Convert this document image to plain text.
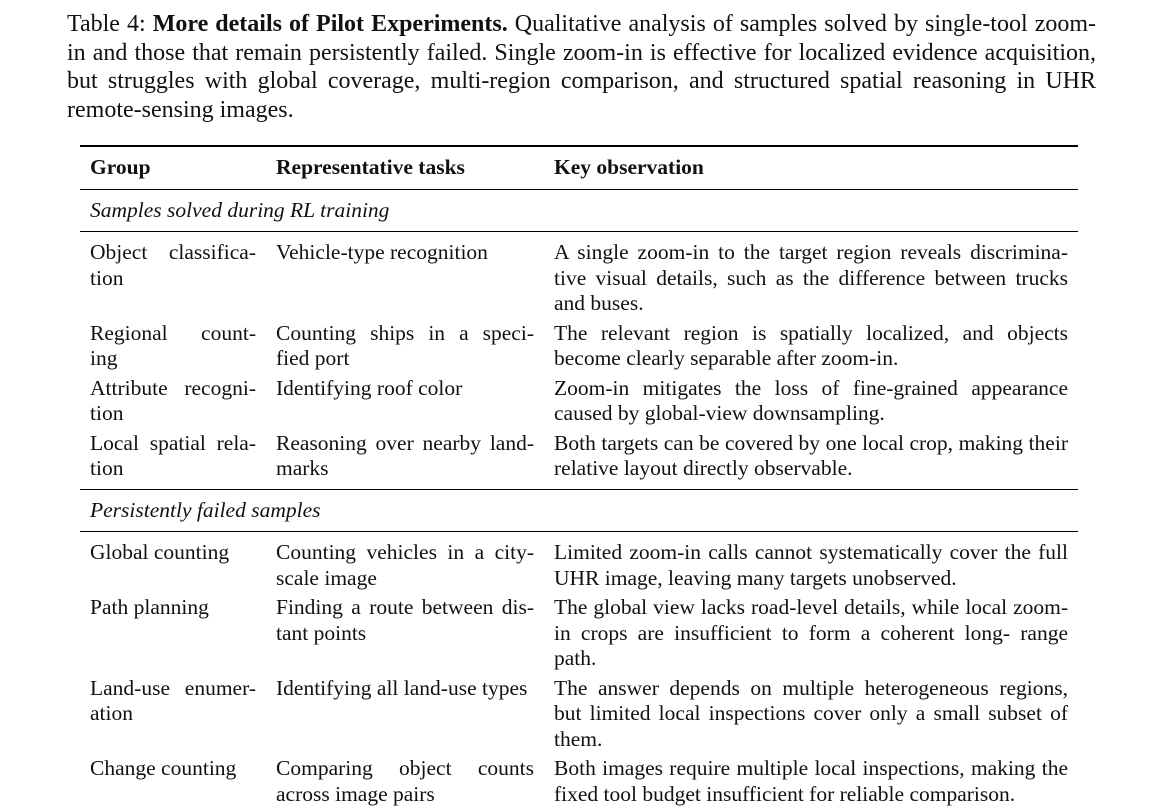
Table 4: More details of Pilot Experiments. Qualitative analysis of samples solved by single-tool zoom-in and those that remain persistently failed. Single zoom-in is effective for localized evidence acquisition, but struggles with global coverage, multi-region comparison, and structured spatial reasoning in UHR remote-sensing images.
Group	Representative tasks	Key observation
Samples solved during RL training		
Object classifica- tion	Vehicle-type recognition	A single zoom-in to the target region reveals discrimina- tive visual details, such as the difference between trucks and buses.
Regional count- ing	Counting ships in a speci- fied port	The relevant region is spatially localized, and objects become clearly separable after zoom-in.
Attribute recogni- tion	Identifying roof color	Zoom-in mitigates the loss of fine-grained appearance caused by global-view downsampling.
Local spatial rela- tion	Reasoning over nearby land- marks	Both targets can be covered by one local crop, making their relative layout directly observable.
Persistently failed samples		
Global counting	Counting vehicles in a city- scale image	Limited zoom-in calls cannot systematically cover the full UHR image, leaving many targets unobserved.
Path planning	Finding a route between dis- tant points	The global view lacks road-level details, while local zoom-in crops are insufficient to form a coherent long- range path.
Land-use enumer- ation	Identifying all land-use types	The answer depends on multiple heterogeneous regions, but limited local inspections cover only a small subset of them.
Change counting	Comparing object counts across image pairs	Both images require multiple local inspections, making the fixed tool budget insufficient for reliable comparison.
